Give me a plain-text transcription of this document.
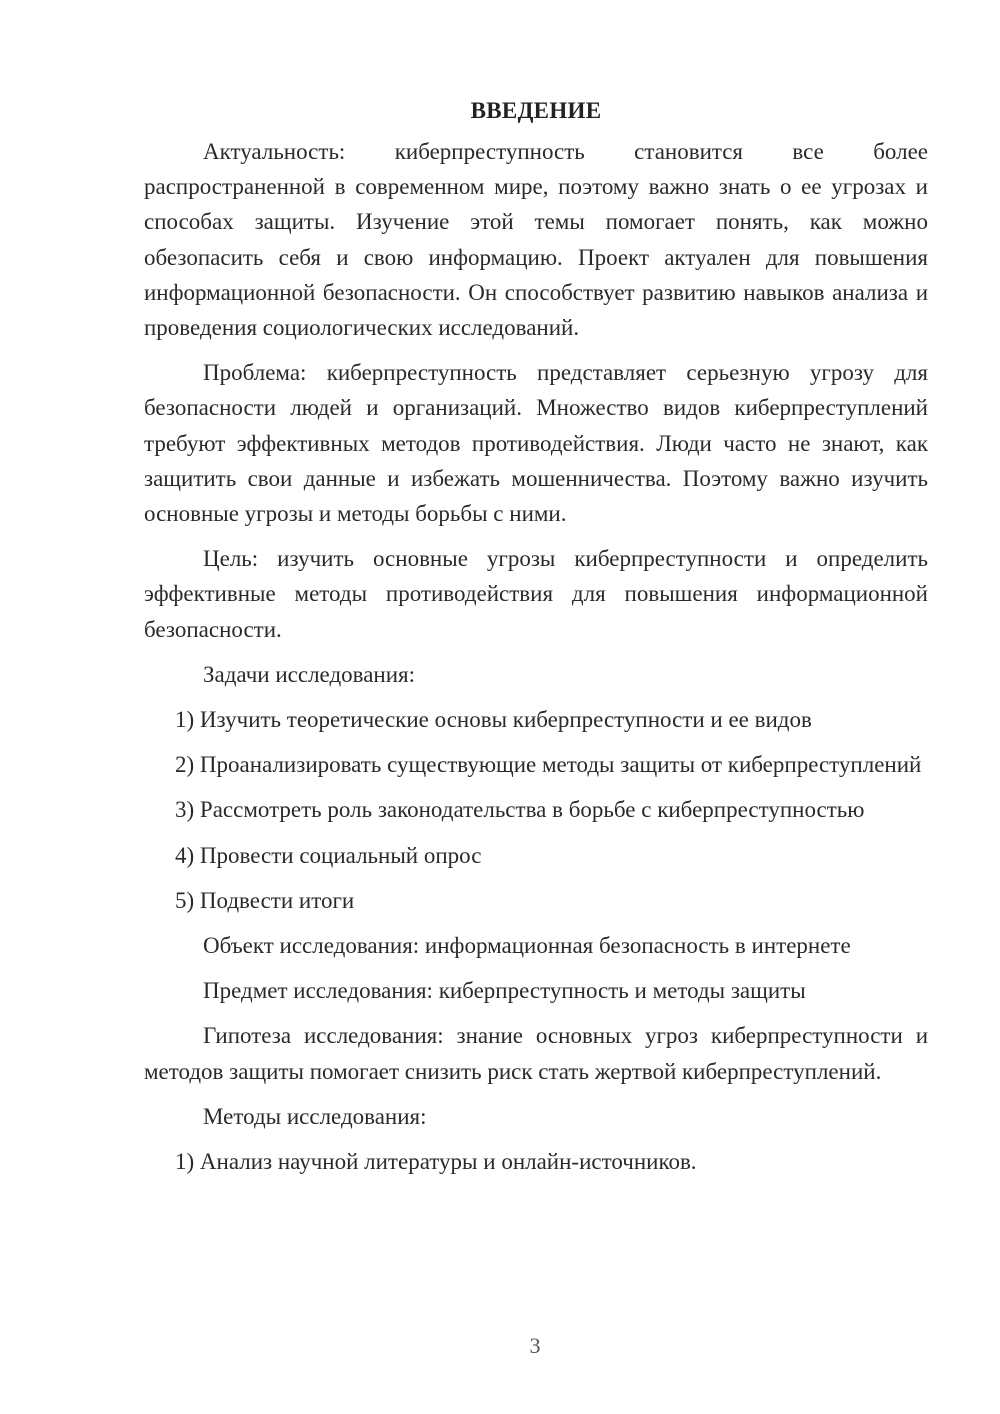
ВВЕДЕНИЕ

Актуальность: киберпреступность становится все более распространенной в современном мире, поэтому важно знать о ее угрозах и способах защиты. Изучение этой темы помогает понять, как можно обезопасить себя и свою информацию. Проект актуален для повышения информационной безопасности. Он способствует развитию навыков анализа и проведения социологических исследований.

Проблема: киберпреступность представляет серьезную угрозу для безопасности людей и организаций. Множество видов киберпреступлений требуют эффективных методов противодействия. Люди часто не знают, как защитить свои данные и избежать мошенничества. Поэтому важно изучить основные угрозы и методы борьбы с ними.

Цель: изучить основные угрозы киберпреступности и определить эффективные методы противодействия для повышения информационной безопасности.

Задачи исследования:

1) Изучить теоретические основы киберпреступности и ее видов

2) Проанализировать существующие методы защиты от киберпреступлений

3) Рассмотреть роль законодательства в борьбе с киберпреступностью

4) Провести социальный опрос

5) Подвести итоги

Объект исследования: информационная безопасность в интернете

Предмет исследования: киберпреступность и методы защиты

Гипотеза исследования: знание основных угроз киберпреступности и методов защиты помогает снизить риск стать жертвой киберпреступлений.

Методы исследования:

1) Анализ научной литературы и онлайн-источников.

3
